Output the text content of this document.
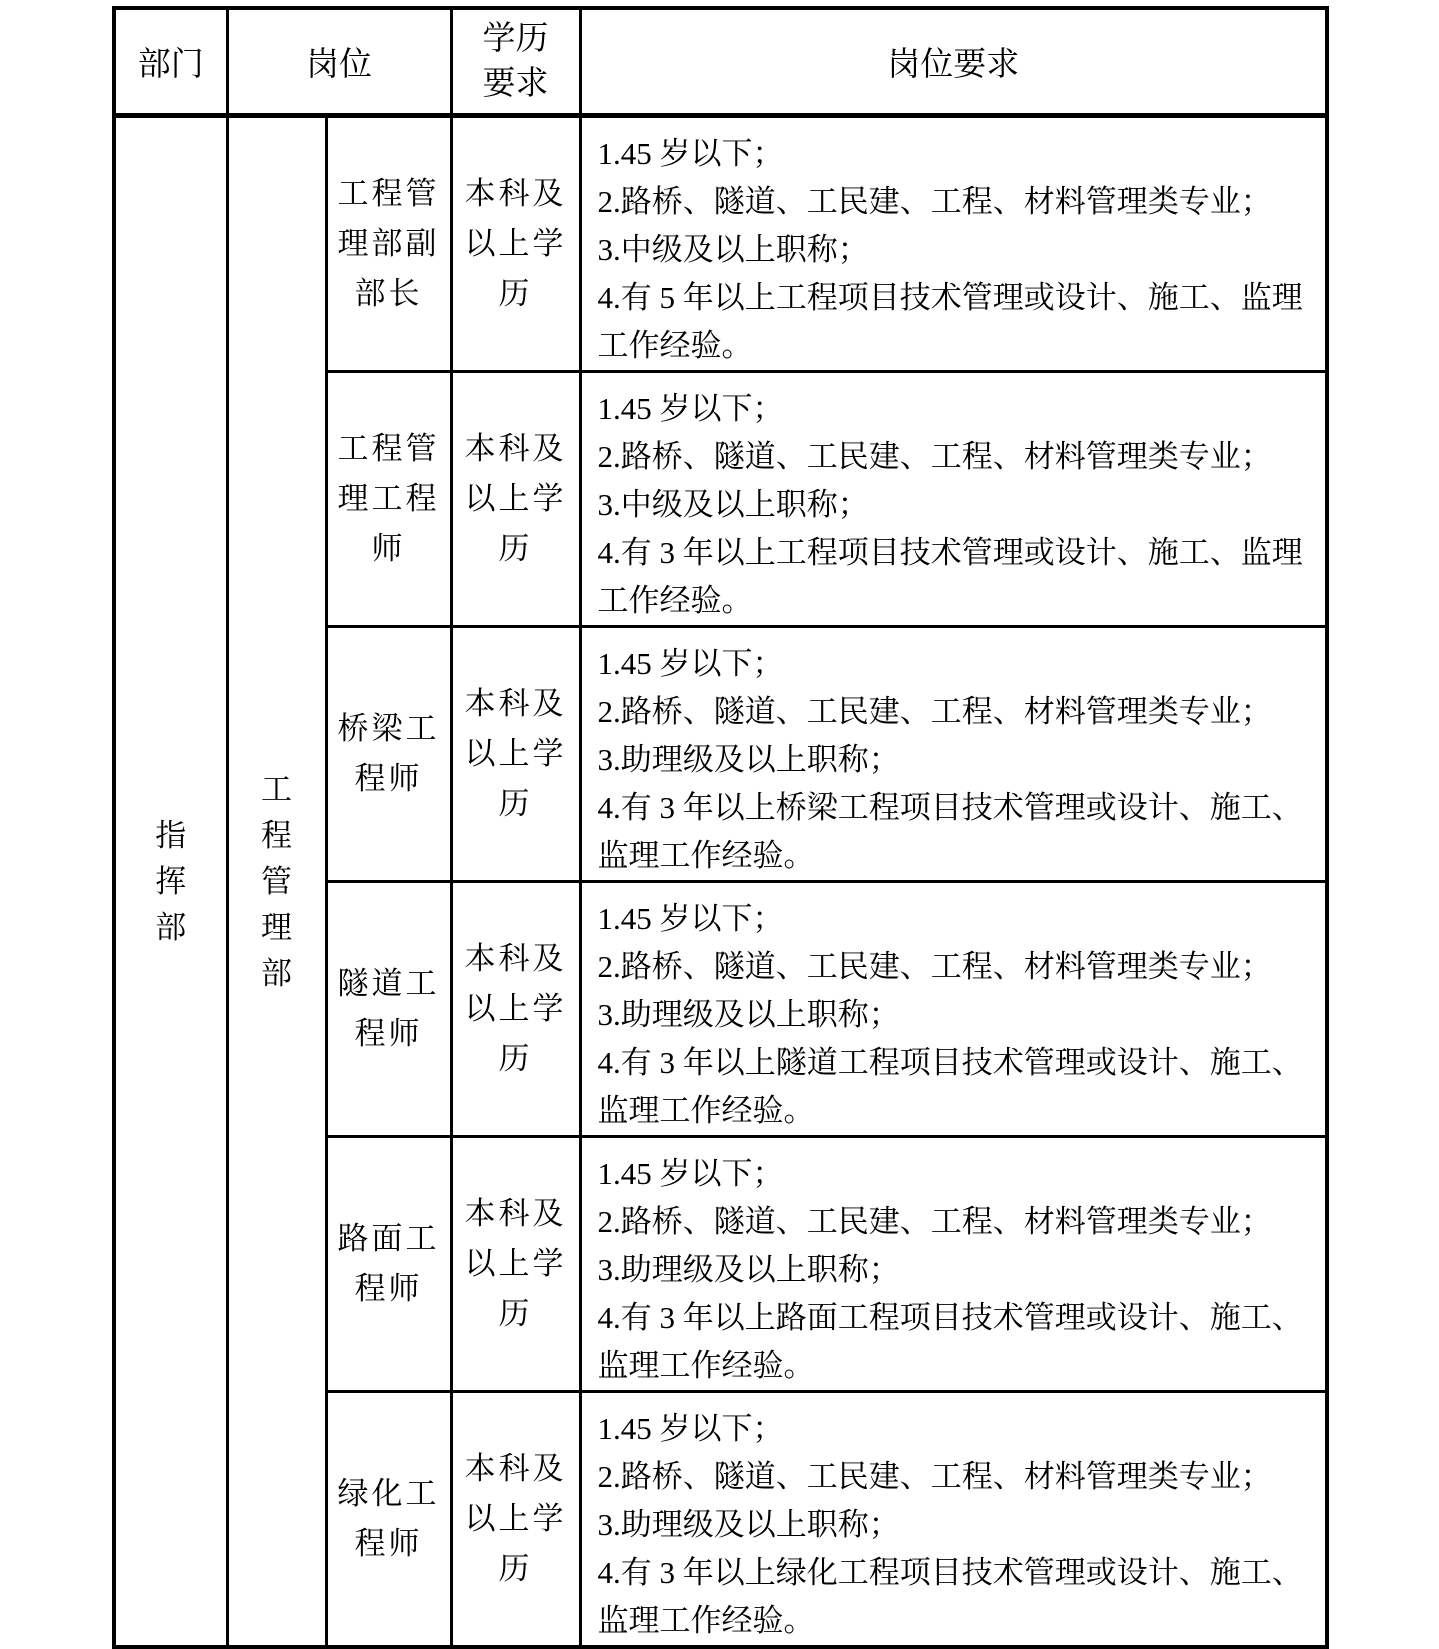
部门	岗位		学历要求	岗位要求
指挥部	工程管理部	工程管理部副部长	本科及以上学历	1.45 岁以下；
2.路桥、隧道、工民建、工程、材料管理类专业；
3.中级及以上职称；
4.有 5 年以上工程项目技术管理或设计、施工、监理工作经验。

		工程管理工程师	本科及以上学历	1.45 岁以下；
2.路桥、隧道、工民建、工程、材料管理类专业；
3.中级及以上职称；
4.有 3 年以上工程项目技术管理或设计、施工、监理工作经验。

		桥梁工程师	本科及以上学历	1.45 岁以下；
2.路桥、隧道、工民建、工程、材料管理类专业；
3.助理级及以上职称；
4.有 3 年以上桥梁工程项目技术管理或设计、施工、监理工作经验。

		隧道工程师	本科及以上学历	1.45 岁以下；
2.路桥、隧道、工民建、工程、材料管理类专业；
3.助理级及以上职称；
4.有 3 年以上隧道工程项目技术管理或设计、施工、监理工作经验。

		路面工程师	本科及以上学历	1.45 岁以下；
2.路桥、隧道、工民建、工程、材料管理类专业；
3.助理级及以上职称；
4.有 3 年以上路面工程项目技术管理或设计、施工、监理工作经验。

		绿化工程师	本科及以上学历	1.45 岁以下；
2.路桥、隧道、工民建、工程、材料管理类专业；
3.助理级及以上职称；
4.有 3 年以上绿化工程项目技术管理或设计、施工、监理工作经验。
